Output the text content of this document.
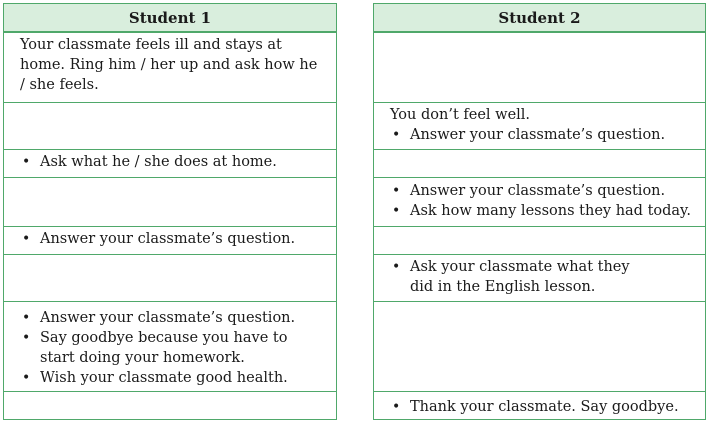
Student 1

Your classmate feels ill and stays at home. Ring him / her up and ask how he / she feels.

• Ask what he / she does at home.
• Answer your classmate’s question.
• Answer your classmate’s question.
• Say goodbye because you have to start doing your homework.
• Wish your classmate good health.
Student 2

You don’t feel well.

• Answer your classmate’s question.
• Answer your classmate’s question.
• Ask how many lessons they had today.
• Ask your classmate what they did in the English lesson.
• Thank your classmate. Say goodbye.
